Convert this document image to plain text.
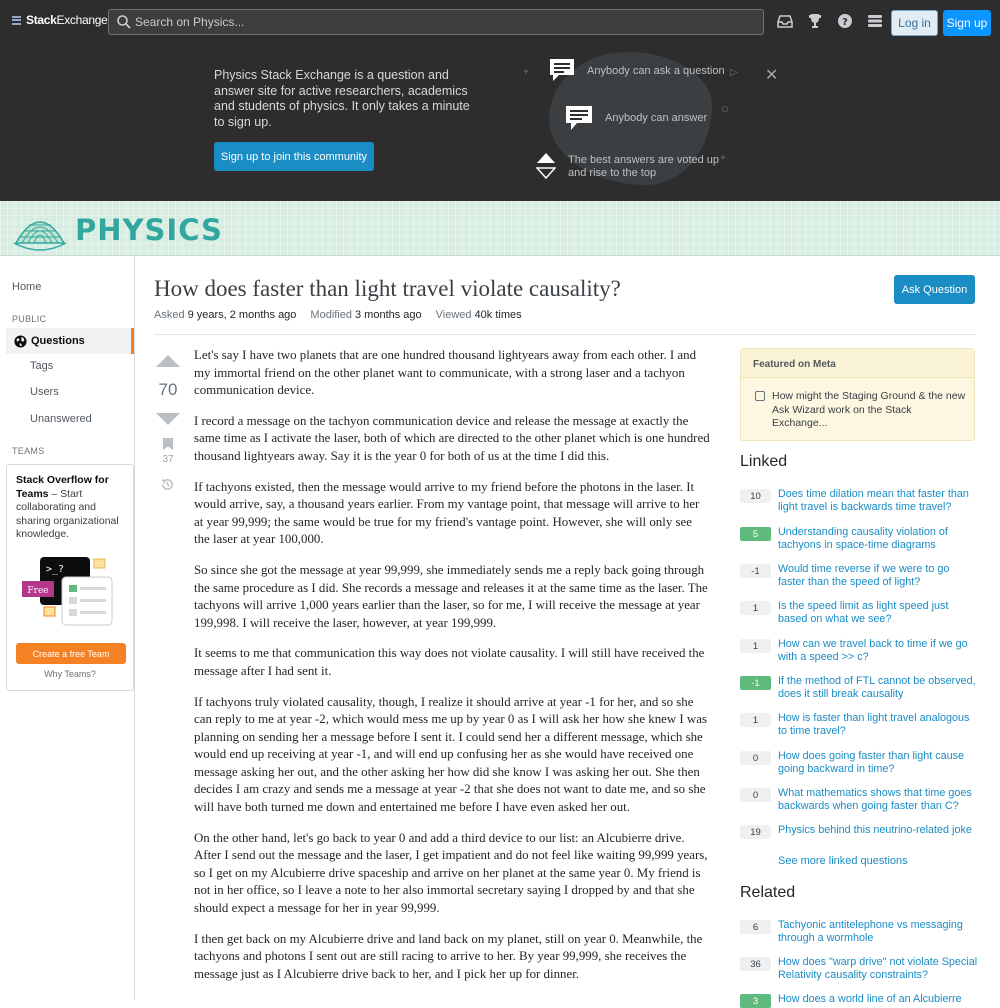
Stack Exchange
Search on Physics...	?	Log in	Sign up
Physics Stack Exchange is a question and answer site for active researchers, academics and students of physics. It only takes a minute to sign up.
Sign up to join this community
Anybody can ask a question
Anybody can answer
The best answers are voted up and rise to the top
▷
○
+
+	✕
PHYSICS
Home
PUBLIC
Questions
Tags
Users
Unanswered
TEAMS
Stack Overflow for Teams – Start collaborating and sharing organizational knowledge.
>_?
Free
Create a free Team
Why Teams?
How does faster than light travel violate causality?	Ask Question
Asked 9 years, 2 months ago Modified 3 months ago Viewed 40k times
70
37

Let's say I have two planets that are one hundred thousand lightyears away from each other. I and my immortal friend on the other planet want to communicate, with a strong laser and a tachyon communication device.

I record a message on the tachyon communication device and release the message at exactly the same time as I activate the laser, both of which are directed to the other planet which is one hundred thousand lightyears away. Say it is the year 0 for both of us at the time I did this.

If tachyons existed, then the message would arrive to my friend before the photons in the laser. It would arrive, say, a thousand years earlier. From my vantage point, that message will arrive to her at year 99,999; the same would be true for my friend's vantage point. However, she will only see the laser at year 100,000.

So since she got the message at year 99,999, she immediately sends me a reply back going through the same procedure as I did. She records a message and releases it at the same time as the laser. The tachyons will arrive 1,000 years earlier than the laser, so for me, I will receive the message at year 199,998. I will receive the laser, however, at year 199,999.

It seems to me that communication this way does not violate causality. I will still have received the message after I had sent it.

If tachyons truly violated causality, though, I realize it should arrive at year -1 for her, and so she can reply to me at year -2, which would mess me up by year 0 as I will ask her how she knew I was planning on sending her a message before I sent it. I could send her a different message, which she would end up receiving at year -1, and will end up confusing her as she would have received one message asking her out, and the other asking her how did she know I was asking her out. She then decides I am crazy and sends me a message at year -2 that she does not want to date me, and so she will have both turned me down and entertained me before I have even asked her out.

On the other hand, let's go back to year 0 and add a third device to our list: an Alcubierre drive. After I send out the message and the laser, I get impatient and do not feel like waiting 99,999 years, so I get on my Alcubierre drive spaceship and arrive on her planet at the same year 0. My friend is not in her office, so I leave a note to her also immortal secretary saying I dropped by and that she should expect a message for her in year 99,999.

I then get back on my Alcubierre drive and land back on my planet, still on year 0. Meanwhile, the tachyons and photons I sent out are still racing to arrive to her. By year 99,999, she receives the message just as I Alcubierre drive back to her, and I pick her up for dinner.

Featured on Meta
How might the Staging Ground & the new Ask Wizard work on the Stack Exchange...
Linked
10	Does time dilation mean that faster than light travel is backwards time travel?
5	Understanding causality violation of tachyons in space-time diagrams
-1	Would time reverse if we were to go faster than the speed of light?
1	Is the speed limit as light speed just based on what we see?
1	How can we travel back to time if we go with a speed >> c?
-1	If the method of FTL cannot be observed, does it still break causality
1	How is faster than light travel analogous to time travel?
0	How does going faster than light cause going backward in time?
0	What mathematics shows that time goes backwards when going faster than C?
19	Physics behind this neutrino-related joke
See more linked questions
Related
6	Tachyonic antitelephone vs messaging through a wormhole
36	How does "warp drive" not violate Special Relativity causality constraints?
3	How does a world line of an Alcubierre
